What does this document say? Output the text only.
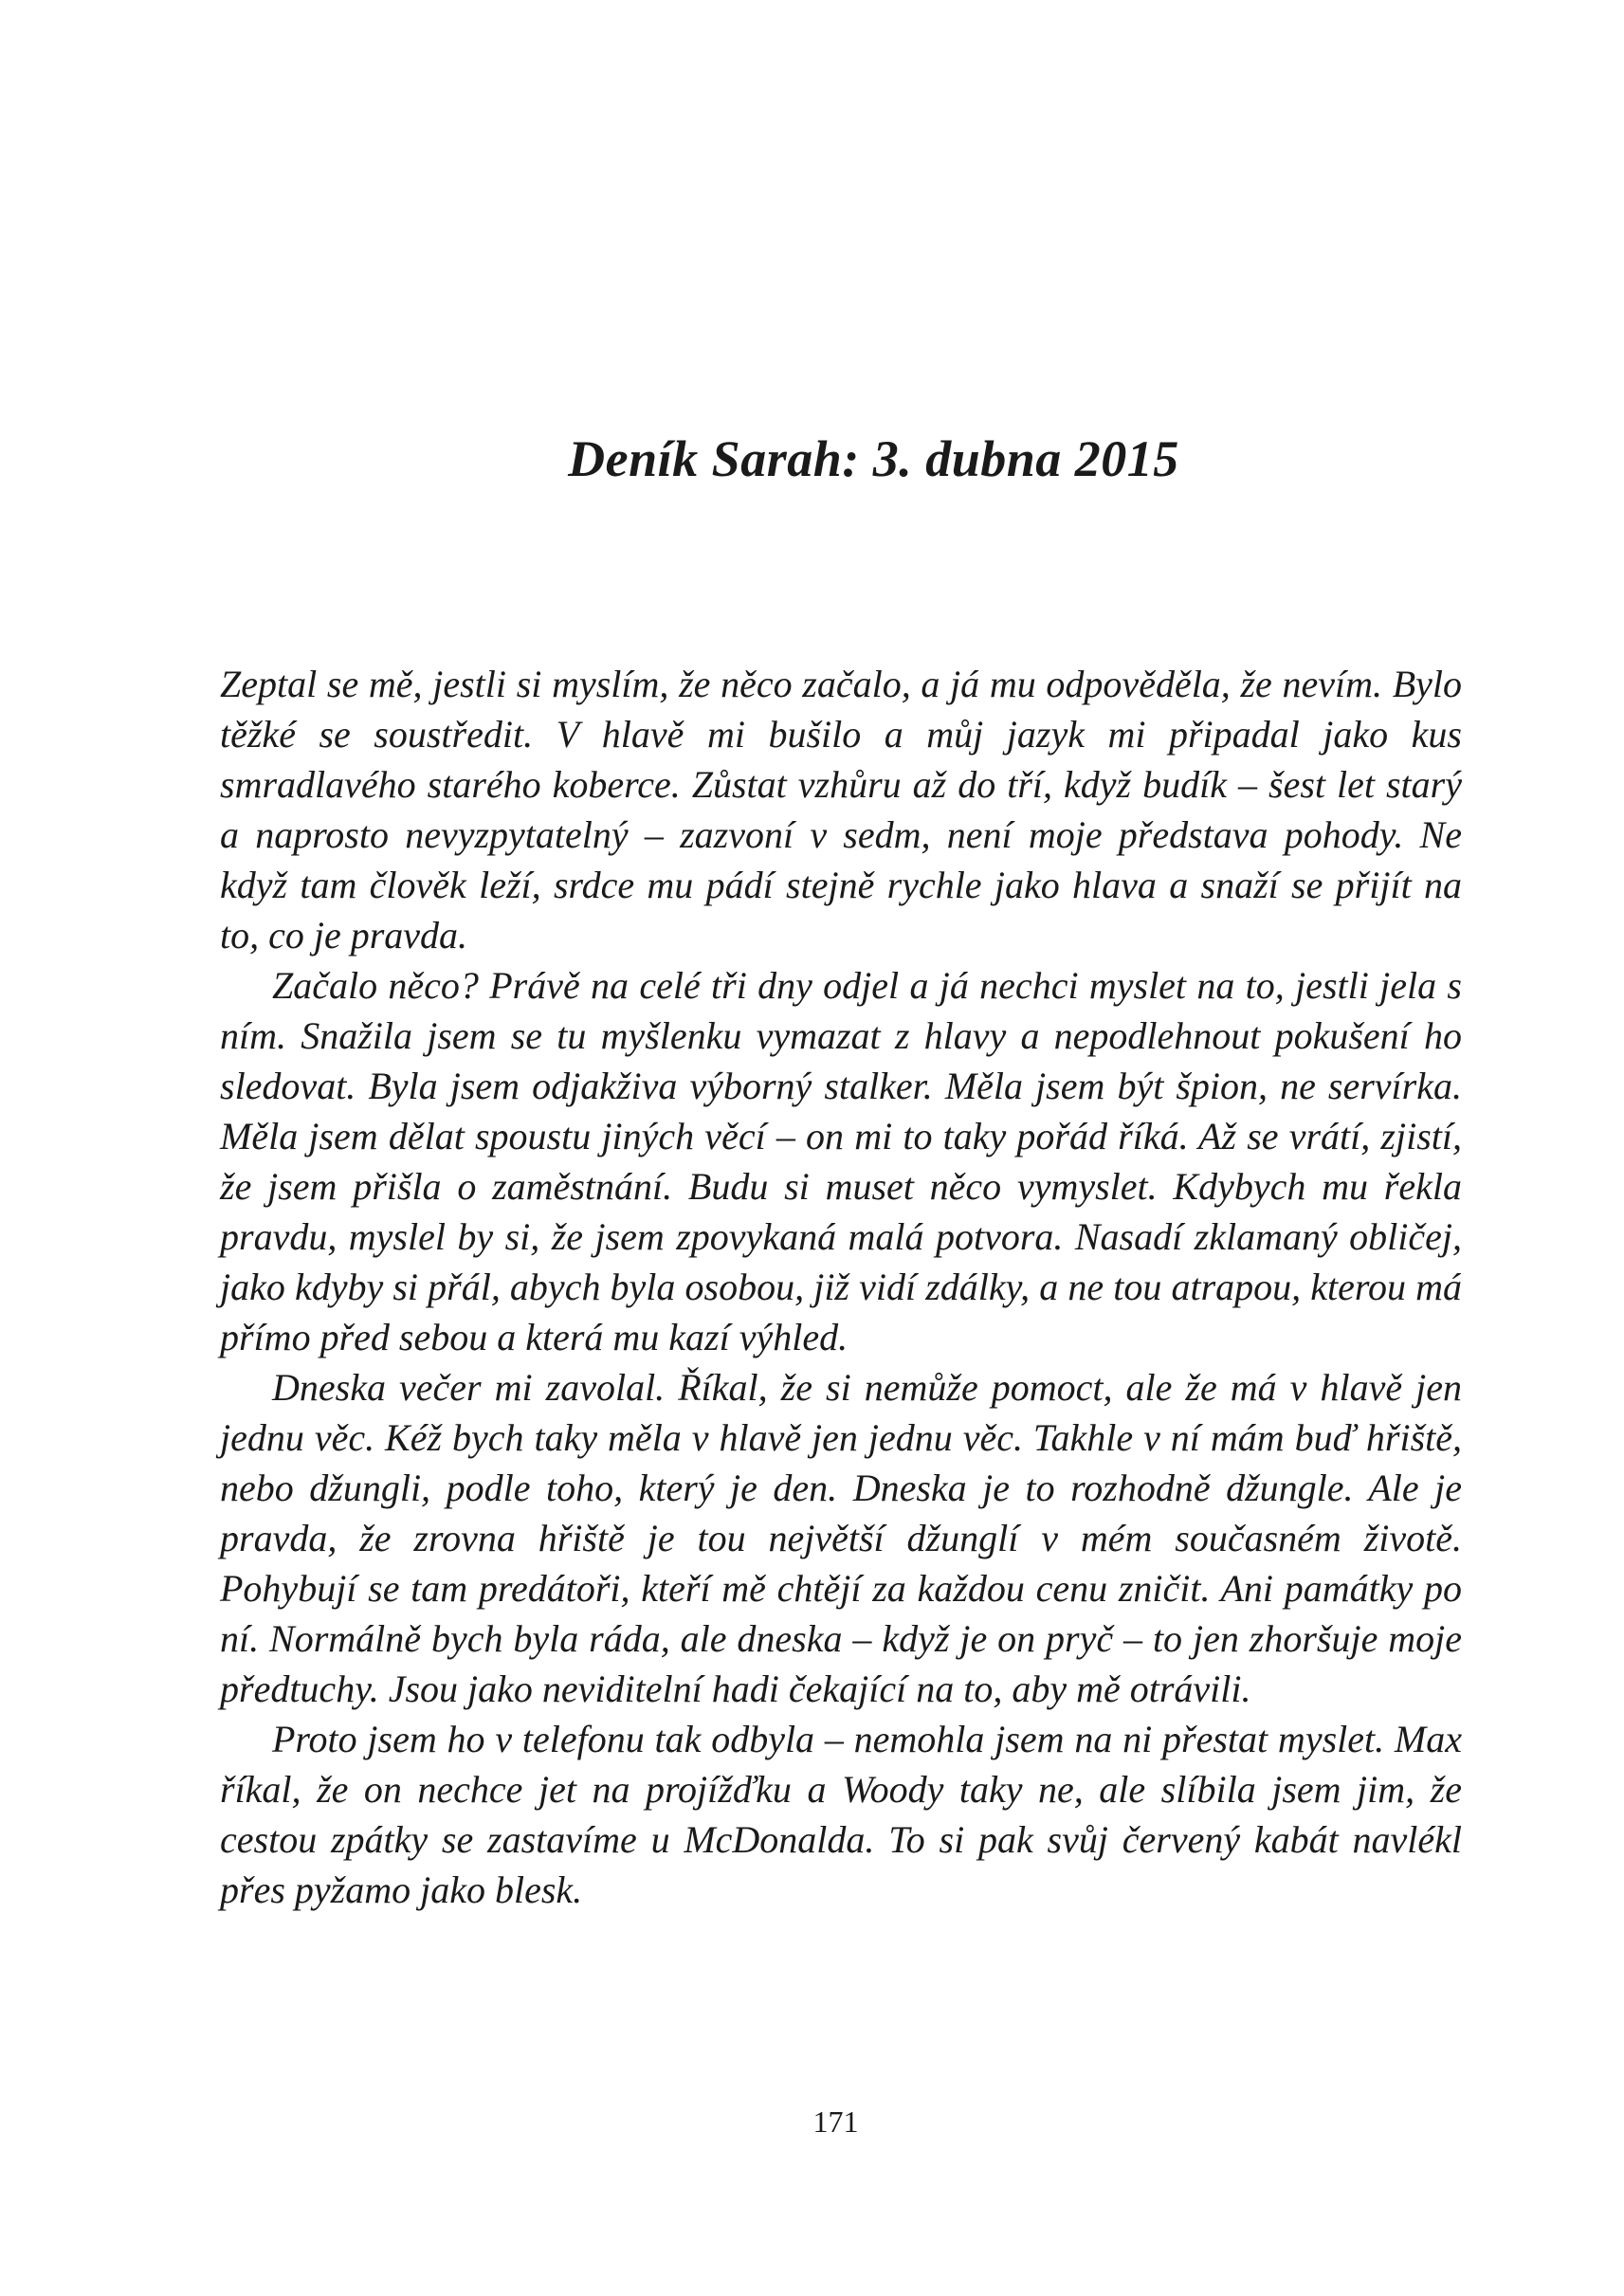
Deník Sarah: 3. dubna 2015

Zeptal se mě, jestli si myslím, že něco začalo, a já mu odpověděla, že nevím. Bylo těžké se soustředit. V hlavě mi bušilo a můj jazyk mi připadal jako kus smradlavého starého koberce. Zůstat vzhůru až do tří, když budík – šest let starý a naprosto nevyzpytatelný – zazvoní v sedm, není moje představa pohody. Ne když tam člověk leží, srdce mu pádí stejně rychle jako hlava a snaží se přijít na to, co je pravda.

Začalo něco? Právě na celé tři dny odjel a já nechci myslet na to, jestli jela s ním. Snažila jsem se tu myšlenku vymazat z hlavy a nepodlehnout pokušení ho sledovat. Byla jsem odjakživa výborný stalker. Měla jsem být špion, ne servírka. Měla jsem dělat spoustu jiných věcí – on mi to taky pořád říká. Až se vrátí, zjistí, že jsem přišla o zaměstnání. Budu si muset něco vymyslet. Kdybych mu řekla pravdu, myslel by si, že jsem zpovykaná malá potvora. Nasadí zklamaný obličej, jako kdyby si přál, abych byla osobou, již vidí zdálky, a ne tou atrapou, kterou má přímo před sebou a která mu kazí výhled.

Dneska večer mi zavolal. Říkal, že si nemůže pomoct, ale že má v hlavě jen jednu věc. Kéž bych taky měla v hlavě jen jednu věc. Takhle v ní mám buď hřiště, nebo džungli, podle toho, který je den. Dneska je to rozhodně džungle. Ale je pravda, že zrovna hřiště je tou největší džunglí v mém současném životě. Pohybují se tam predátoři, kteří mě chtějí za každou cenu zničit. Ani památky po ní. Normálně bych byla ráda, ale dneska – když je on pryč – to jen zhoršuje moje předtuchy. Jsou jako neviditelní hadi čekající na to, aby mě otrávili.

Proto jsem ho v telefonu tak odbyla – nemohla jsem na ni přestat myslet. Max říkal, že on nechce jet na projížďku a Woody taky ne, ale slíbila jsem jim, že cestou zpátky se zastavíme u McDonalda. To si pak svůj červený kabát navlékl přes pyžamo jako blesk.

171
